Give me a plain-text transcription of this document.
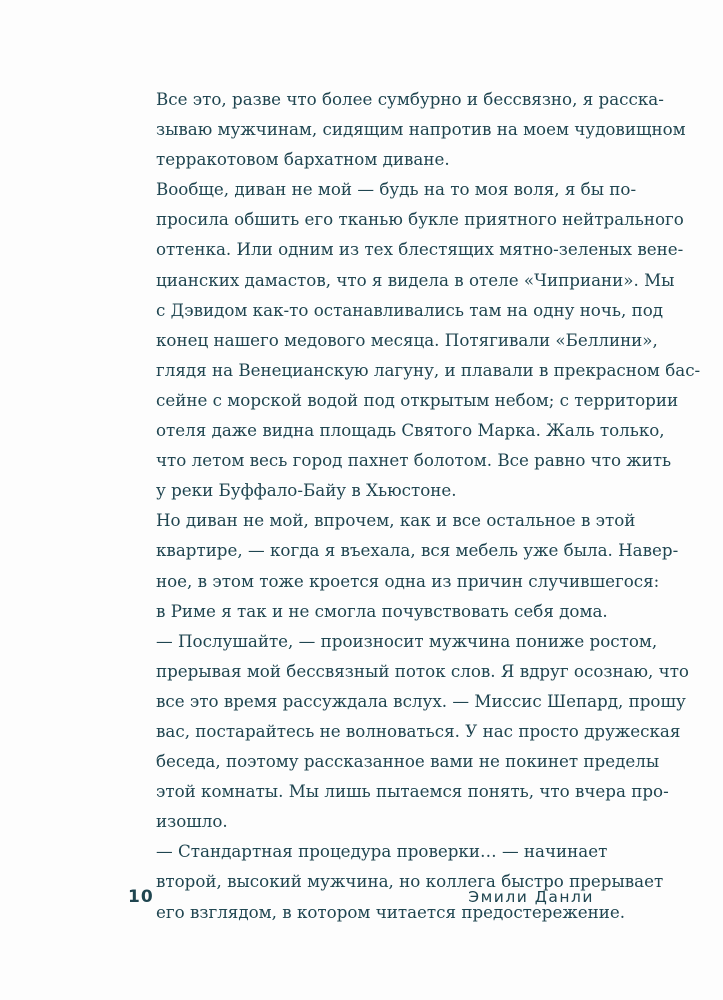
Все это, разве что более сумбурно и бессвязно, я расска-
зываю мужчинам, сидящим напротив на моем чудовищном
терракотовом бархатном диване.
Вообще, диван не мой — будь на то моя воля, я бы по-
просила обшить его тканью букле приятного нейтрального
оттенка. Или одним из тех блестящих мятно-зеленых вене-
цианских дамастов, что я видела в отеле «Чиприани». Мы
с Дэвидом как-то останавливались там на одну ночь, под
конец нашего медового месяца. Потягивали «Беллини»,
глядя на Венецианскую лагуну, и плавали в прекрасном бас-
сейне с морской водой под открытым небом; с территории
отеля даже видна площадь Святого Марка. Жаль только,
что летом весь город пахнет болотом. Все равно что жить
у реки Буффало-Байу в Хьюстоне.
Но диван не мой, впрочем, как и все остальное в этой
квартире, — когда я въехала, вся мебель уже была. Навер-
ное, в этом тоже кроется одна из причин случившегося:
в Риме я так и не смогла почувствовать себя дома.
— Послушайте, — произносит мужчина пониже ростом,
прерывая мой бессвязный поток слов. Я вдруг осознаю, что
все это время рассуждала вслух. — Миссис Шепард, прошу
вас, постарайтесь не волноваться. У нас просто дружеская
беседа, поэтому рассказанное вами не покинет пределы
этой комнаты. Мы лишь пытаемся понять, что вчера про-
изошло.
— Стандартная процедура проверки… — начинает
второй, высокий мужчина, но коллега быстро прерывает
его взглядом, в котором читается предостережение.
10	Эмили Данли
